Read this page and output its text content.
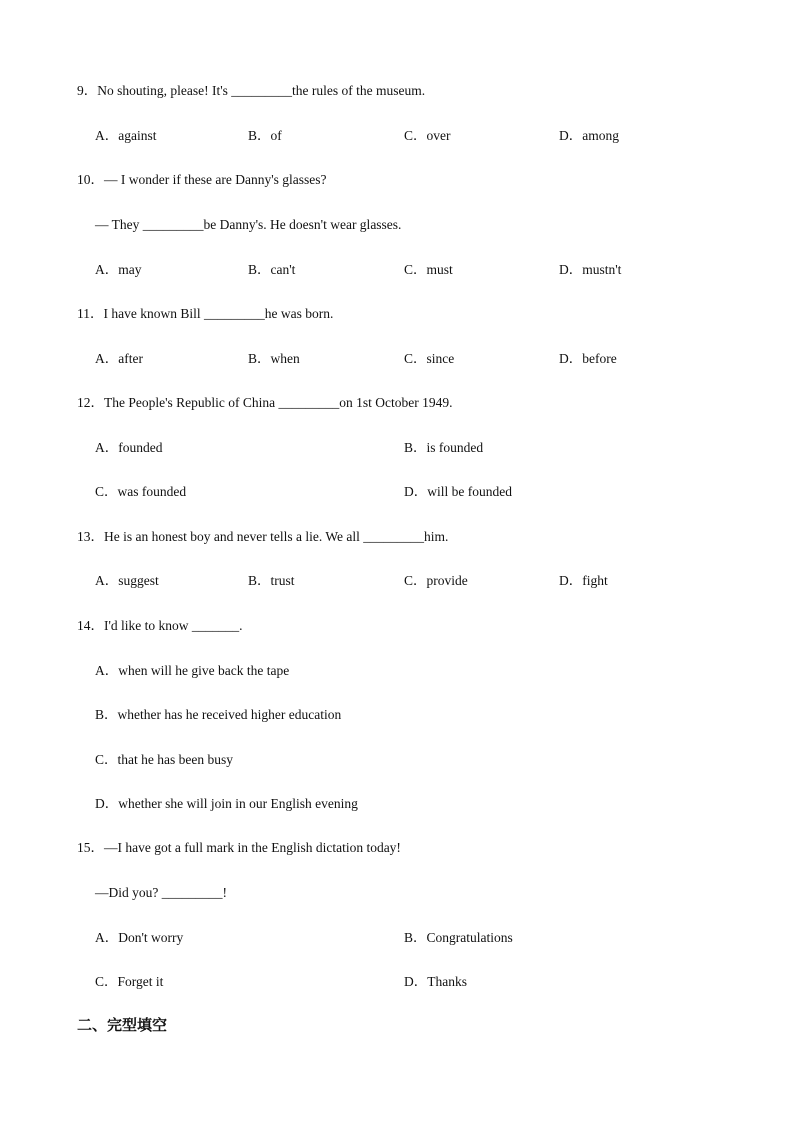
9．No shouting, please! It's _________the rules of the museum.
A．against	B．of	C．over	D．among
10．— I wonder if these are Danny's glasses?
— They _________be Danny's. He doesn't wear glasses.
A．may	B．can't	C．must	D．mustn't
11．I have known Bill _________he was born.
A．after	B．when	C．since	D．before
12．The People's Republic of China _________on 1st October 1949.
A．founded	B．is founded
C．was founded	D．will be founded
13．He is an honest boy and never tells a lie. We all _________him.
A．suggest	B．trust	C．provide	D．fight
14．I'd like to know _______.
A．when will he give back the tape
B．whether has he received higher education
C．that he has been busy
D．whether she will join in our English evening
15．—I have got a full mark in the English dictation today!
—Did you? _________!
A．Don't worry	B．Congratulations
C．Forget it	D．Thanks
二、完型填空
